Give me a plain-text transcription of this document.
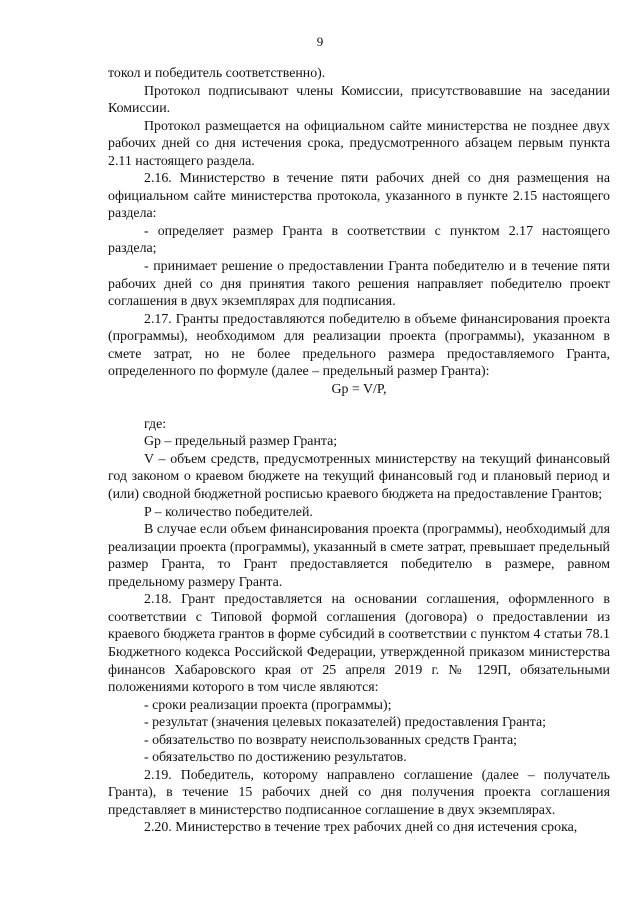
9

токол и победитель соответственно).

Протокол подписывают члены Комиссии, присутствовавшие на заседании Комиссии.

Протокол размещается на официальном сайте министерства не позднее двух рабочих дней со дня истечения срока, предусмотренного абзацем первым пункта 2.11 настоящего раздела.

2.16. Министерство в течение пяти рабочих дней со дня размещения на официальном сайте министерства протокола, указанного в пункте 2.15 настоящего раздела:

- определяет размер Гранта в соответствии с пунктом 2.17 настоящего раздела;

- принимает решение о предоставлении Гранта победителю и в течение пяти рабочих дней со дня принятия такого решения направляет победителю проект соглашения в двух экземплярах для подписания.

2.17. Гранты предоставляются победителю в объеме финансирования проекта (программы), необходимом для реализации проекта (программы), указанном в смете затрат, но не более предельного размера предоставляемого Гранта, определенного по формуле (далее – предельный размер Гранта):

Gp = V/P,

где:

Gp – предельный размер Гранта;

V – объем средств, предусмотренных министерству на текущий финансовый год законом о краевом бюджете на текущий финансовый год и плановый период и (или) сводной бюджетной росписью краевого бюджета на предоставление Грантов;

P – количество победителей.

В случае если объем финансирования проекта (программы), необходимый для реализации проекта (программы), указанный в смете затрат, превышает предельный размер Гранта, то Грант предоставляется победителю в размере, равном предельному размеру Гранта.

2.18. Грант предоставляется на основании соглашения, оформленного в соответствии с Типовой формой соглашения (договора) о предоставлении из краевого бюджета грантов в форме субсидий в соответствии с пунктом 4 статьи 78.1 Бюджетного кодекса Российской Федерации, утвержденной приказом министерства финансов Хабаровского края от 25 апреля 2019 г. № 129П, обязательными положениями которого в том числе являются:

- сроки реализации проекта (программы);

- результат (значения целевых показателей) предоставления Гранта;

- обязательство по возврату неиспользованных средств Гранта;

- обязательство по достижению результатов.

2.19. Победитель, которому направлено соглашение (далее – получатель Гранта), в течение 15 рабочих дней со дня получения проекта соглашения представляет в министерство подписанное соглашение в двух экземплярах.

2.20. Министерство в течение трех рабочих дней со дня истечения срока,
